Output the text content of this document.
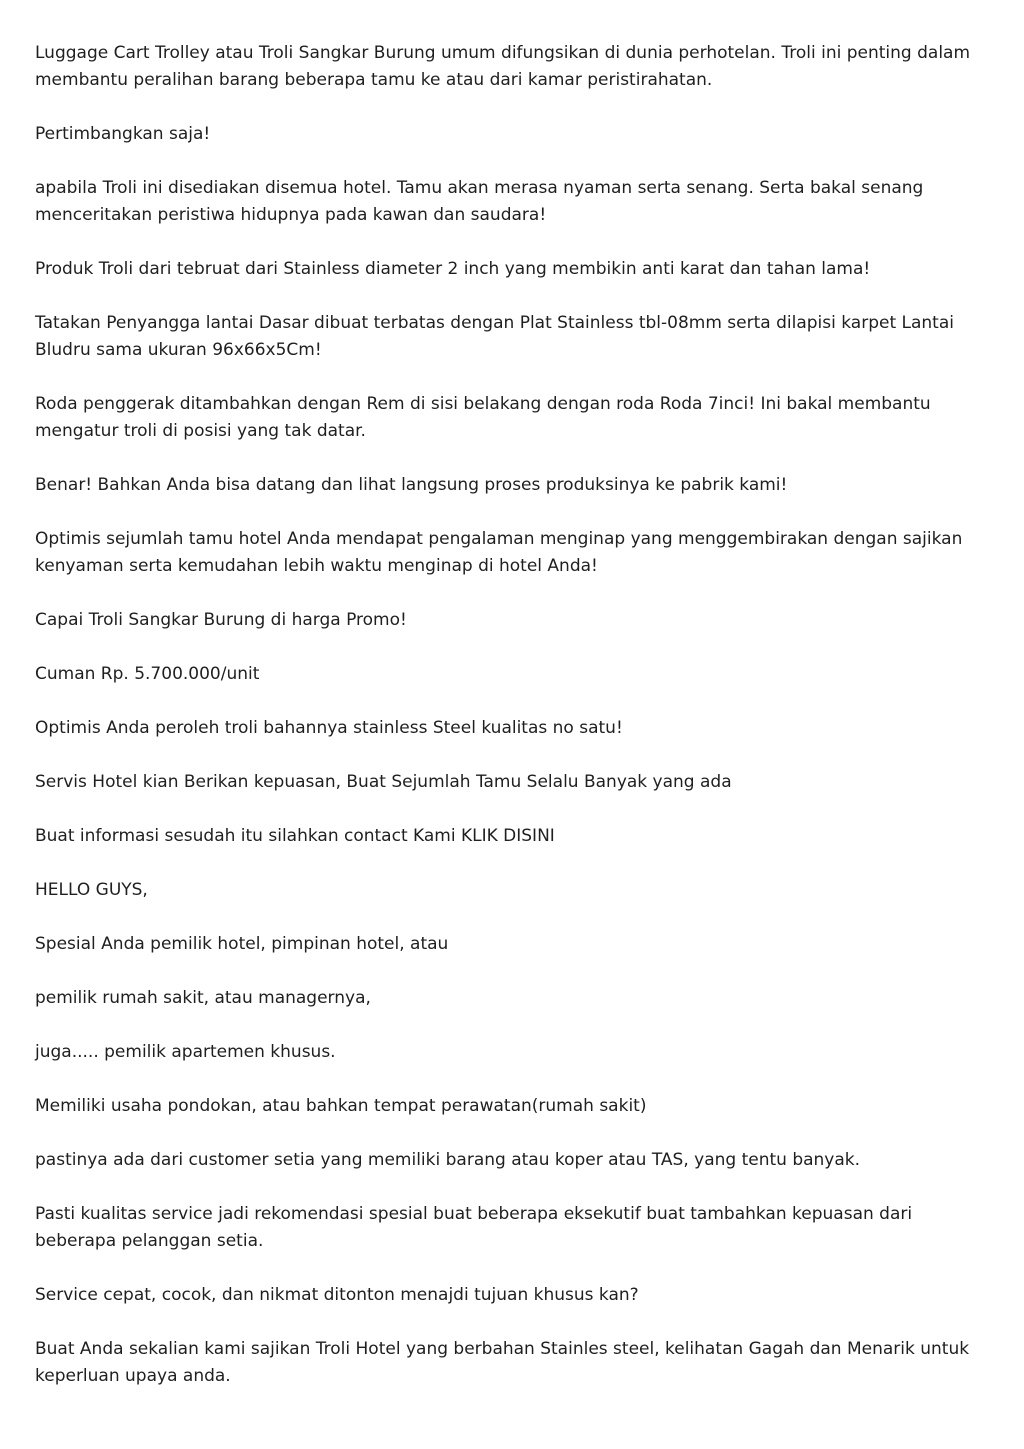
Luggage Cart Trolley atau Troli Sangkar Burung umum difungsikan di dunia perhotelan. Troli ini penting dalam membantu peralihan barang beberapa tamu ke atau dari kamar peristirahatan.

Pertimbangkan saja!

apabila Troli ini disediakan disemua hotel. Tamu akan merasa nyaman serta senang. Serta bakal senang menceritakan peristiwa hidupnya pada kawan dan saudara!

Produk Troli dari tebruat dari Stainless diameter 2 inch yang membikin anti karat dan tahan lama!

Tatakan Penyangga lantai Dasar dibuat terbatas dengan Plat Stainless tbl-08mm serta dilapisi karpet Lantai Bludru sama ukuran 96x66x5Cm!

Roda penggerak ditambahkan dengan Rem di sisi belakang dengan roda Roda 7inci! Ini bakal membantu mengatur troli di posisi yang tak datar.

Benar! Bahkan Anda bisa datang dan lihat langsung proses produksinya ke pabrik kami!

Optimis sejumlah tamu hotel Anda mendapat pengalaman menginap yang menggembirakan dengan sajikan kenyaman serta kemudahan lebih waktu menginap di hotel Anda!

Capai Troli Sangkar Burung di harga Promo!

Cuman Rp. 5.700.000/unit

Optimis Anda peroleh troli bahannya stainless Steel kualitas no satu!

Servis Hotel kian Berikan kepuasan, Buat Sejumlah Tamu Selalu Banyak yang ada

Buat informasi sesudah itu silahkan contact Kami KLIK DISINI

HELLO GUYS,

Spesial Anda pemilik hotel, pimpinan hotel, atau

pemilik rumah sakit, atau managernya,

juga..... pemilik apartemen khusus.

Memiliki usaha pondokan, atau bahkan tempat perawatan(rumah sakit)

pastinya ada dari customer setia yang memiliki barang atau koper atau TAS, yang tentu banyak.

Pasti kualitas service jadi rekomendasi spesial buat beberapa eksekutif buat tambahkan kepuasan dari beberapa pelanggan setia.

Service cepat, cocok, dan nikmat ditonton menajdi tujuan khusus kan?

Buat Anda sekalian kami sajikan Troli Hotel yang berbahan Stainles steel, kelihatan Gagah dan Menarik untuk keperluan upaya anda.
